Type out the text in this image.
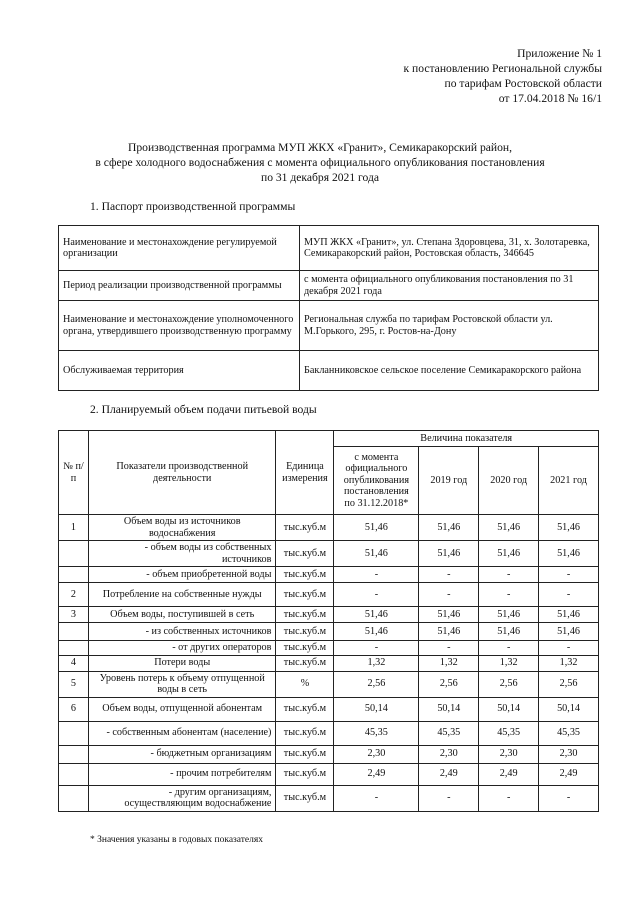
Приложение № 1
к постановлению Региональной службы
по тарифам Ростовской области
от 17.04.2018 № 16/1
Производственная программа МУП ЖКХ «Гранит», Семикаракорский район,
в сфере холодного водоснабжения с момента официального опубликования постановления
по 31 декабря 2021 года
1. Паспорт производственной программы
Наименование и местонахождение регулируемой организации	МУП ЖКХ «Гранит», ул. Степана Здоровцева, 31, х. Золотаревка, Семикаракорский район, Ростовская область, 346645
Период реализации производственной программы	с момента официального опубликования постановления по 31 декабря 2021 года
Наименование и местонахождение уполномоченного органа, утвердившего производственную программу	Региональная служба по тарифам Ростовской области ул. М.Горького, 295, г. Ростов-на-Дону
Обслуживаемая территория	Бакланниковское сельское поселение Семикаракорского района
2. Планируемый объем подачи питьевой воды
№ п/п	Показатели производственной деятельности	Единица измерения	Величина показателя			
			с момента официального опубликования постановления по 31.12.2018*	2019 год	2020 год	2021 год
1	Объем воды из источников водоснабжения	тыс.куб.м	51,46	51,46	51,46	51,46
	- объем воды из собственных источников	тыс.куб.м	51,46	51,46	51,46	51,46
	- объем приобретенной воды	тыс.куб.м	-	-	-	-
2	Потребление на собственные нужды	тыс.куб.м	-	-	-	-
3	Объем воды, поступившей в сеть	тыс.куб.м	51,46	51,46	51,46	51,46
	- из собственных источников	тыс.куб.м	51,46	51,46	51,46	51,46
	- от других операторов	тыс.куб.м	-	-	-	-
4	Потери воды	тыс.куб.м	1,32	1,32	1,32	1,32
5	Уровень потерь к объему отпущенной воды в сеть	%	2,56	2,56	2,56	2,56
6	Объем воды, отпущенной абонентам	тыс.куб.м	50,14	50,14	50,14	50,14
	- собственным абонентам (население)	тыс.куб.м	45,35	45,35	45,35	45,35
	- бюджетным организациям	тыс.куб.м	2,30	2,30	2,30	2,30
	- прочим потребителям	тыс.куб.м	2,49	2,49	2,49	2,49
	- другим организациям, осуществляющим водоснабжение	тыс.куб.м	-	-	-	-
* Значения указаны в годовых показателях
